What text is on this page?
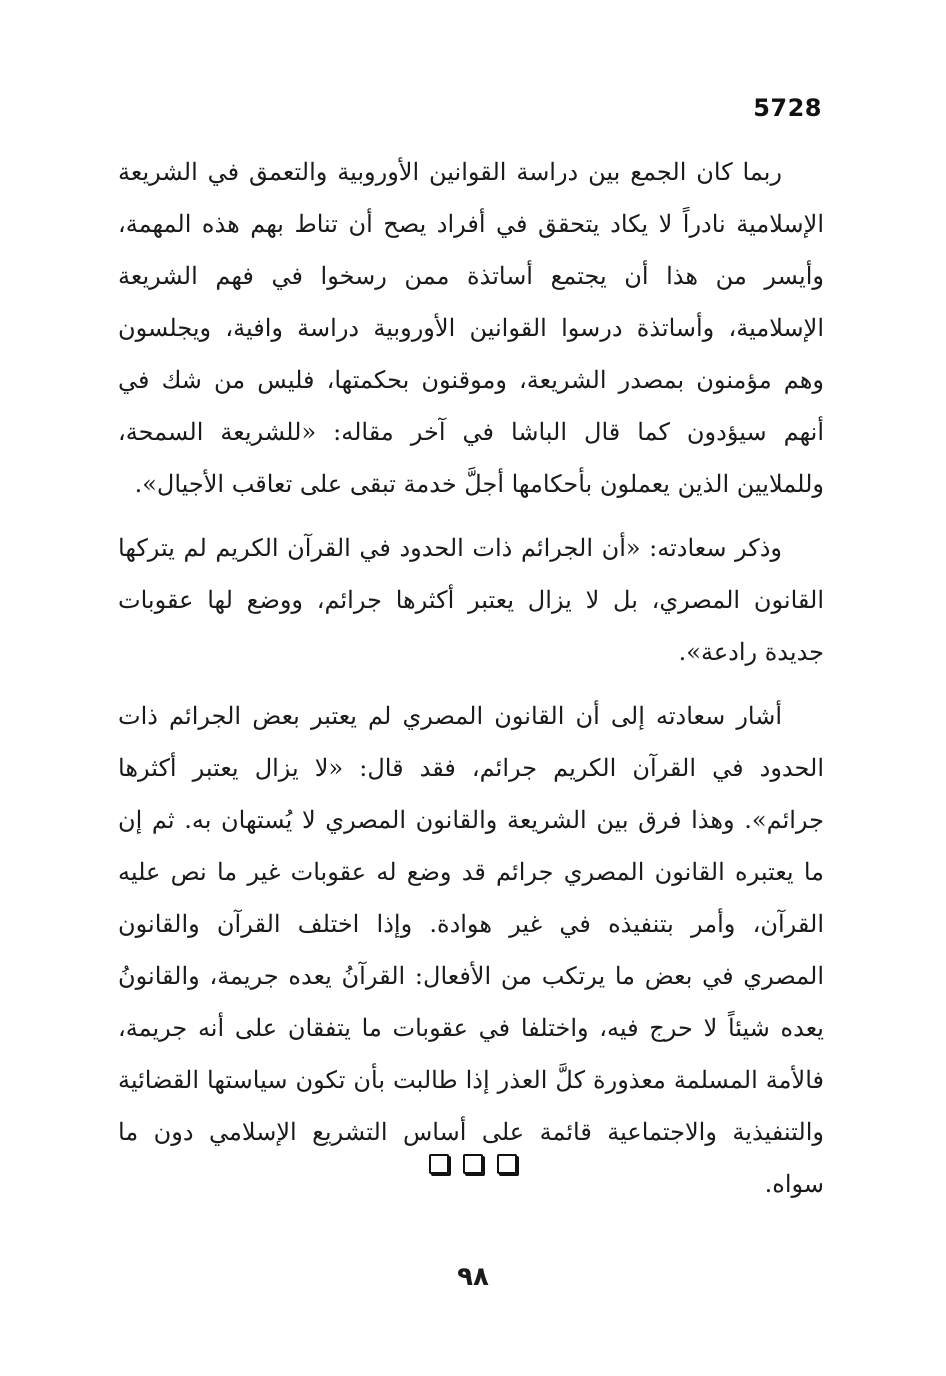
5728

ربما كان الجمع بين دراسة القوانين الأوروبية والتعمق في الشريعة الإسلامية نادراً لا يكاد يتحقق في أفراد يصح أن تناط بهم هذه المهمة، وأيسر من هذا أن يجتمع أساتذة ممن رسخوا في فهم الشريعة الإسلامية، وأساتذة درسوا القوانين الأوروبية دراسة وافية، ويجلسون وهم مؤمنون بمصدر الشريعة، وموقنون بحكمتها، فليس من شك في أنهم سيؤدون كما قال الباشا في آخر مقاله: «للشريعة السمحة، وللملايين الذين يعملون بأحكامها أجلَّ خدمة تبقى على تعاقب الأجيال».

وذكر سعادته: «أن الجرائم ذات الحدود في القرآن الكريم لم يتركها القانون المصري، بل لا يزال يعتبر أكثرها جرائم، ووضع لها عقوبات جديدة رادعة».

أشار سعادته إلى أن القانون المصري لم يعتبر بعض الجرائم ذات الحدود في القرآن الكريم جرائم، فقد قال: «لا يزال يعتبر أكثرها جرائم». وهذا فرق بين الشريعة والقانون المصري لا يُستهان به. ثم إن ما يعتبره القانون المصري جرائم قد وضع له عقوبات غير ما نص عليه القرآن، وأمر بتنفيذه في غير هوادة. وإذا اختلف القرآن والقانون المصري في بعض ما يرتكب من الأفعال: القرآنُ يعده جريمة، والقانونُ يعده شيئاً لا حرج فيه، واختلفا في عقوبات ما يتفقان على أنه جريمة، فالأمة المسلمة معذورة كلَّ العذر إذا طالبت بأن تكون سياستها القضائية والتنفيذية والاجتماعية قائمة على أساس التشريع الإسلامي دون ما سواه.

٩٨
